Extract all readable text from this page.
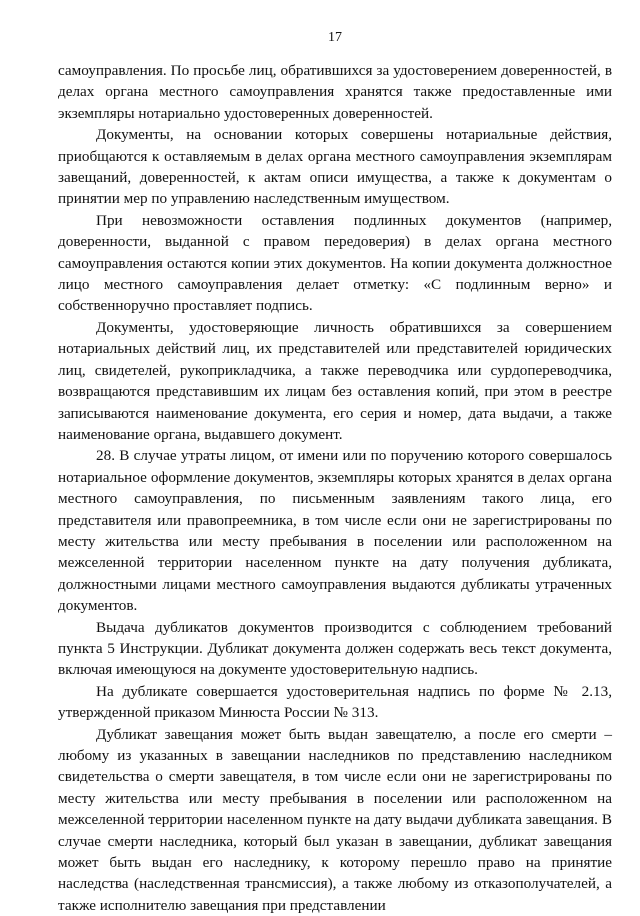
17

самоуправления. По просьбе лиц, обратившихся за удостоверением доверенностей, в делах органа местного самоуправления хранятся также предоставленные ими экземпляры нотариально удостоверенных доверенностей.

Документы, на основании которых совершены нотариальные действия, приобщаются к оставляемым в делах органа местного самоуправления экземплярам завещаний, доверенностей, к актам описи имущества, а также к документам о принятии мер по управлению наследственным имуществом.

При невозможности оставления подлинных документов (например, доверенности, выданной с правом передоверия) в делах органа местного самоуправления остаются копии этих документов. На копии документа должностное лицо местного самоуправления делает отметку: «С подлинным верно» и собственноручно проставляет подпись.

Документы, удостоверяющие личность обратившихся за совершением нотариальных действий лиц, их представителей или представителей юридических лиц, свидетелей, рукоприкладчика, а также переводчика или сурдопереводчика, возвращаются представившим их лицам без оставления копий, при этом в реестре записываются наименование документа, его серия и номер, дата выдачи, а также наименование органа, выдавшего документ.

28. В случае утраты лицом, от имени или по поручению которого совершалось нотариальное оформление документов, экземпляры которых хранятся в делах органа местного самоуправления, по письменным заявлениям такого лица, его представителя или правопреемника, в том числе если они не зарегистрированы по месту жительства или месту пребывания в поселении или расположенном на межселенной территории населенном пункте на дату получения дубликата, должностными лицами местного самоуправления выдаются дубликаты утраченных документов.

Выдача дубликатов документов производится с соблюдением требований пункта 5 Инструкции. Дубликат документа должен содержать весь текст документа, включая имеющуюся на документе удостоверительную надпись.

На дубликате совершается удостоверительная надпись по форме № 2.13, утвержденной приказом Минюста России № 313.

Дубликат завещания может быть выдан завещателю, а после его смерти – любому из указанных в завещании наследников по представлению наследником свидетельства о смерти завещателя, в том числе если они не зарегистрированы по месту жительства или месту пребывания в поселении или расположенном на межселенной территории населенном пункте на дату выдачи дубликата завещания. В случае смерти наследника, который был указан в завещании, дубликат завещания может быть выдан его наследнику, к которому перешло право на принятие наследства (наследственная трансмиссия), а также любому из отказополучателей, а также исполнителю завещания при представлении
